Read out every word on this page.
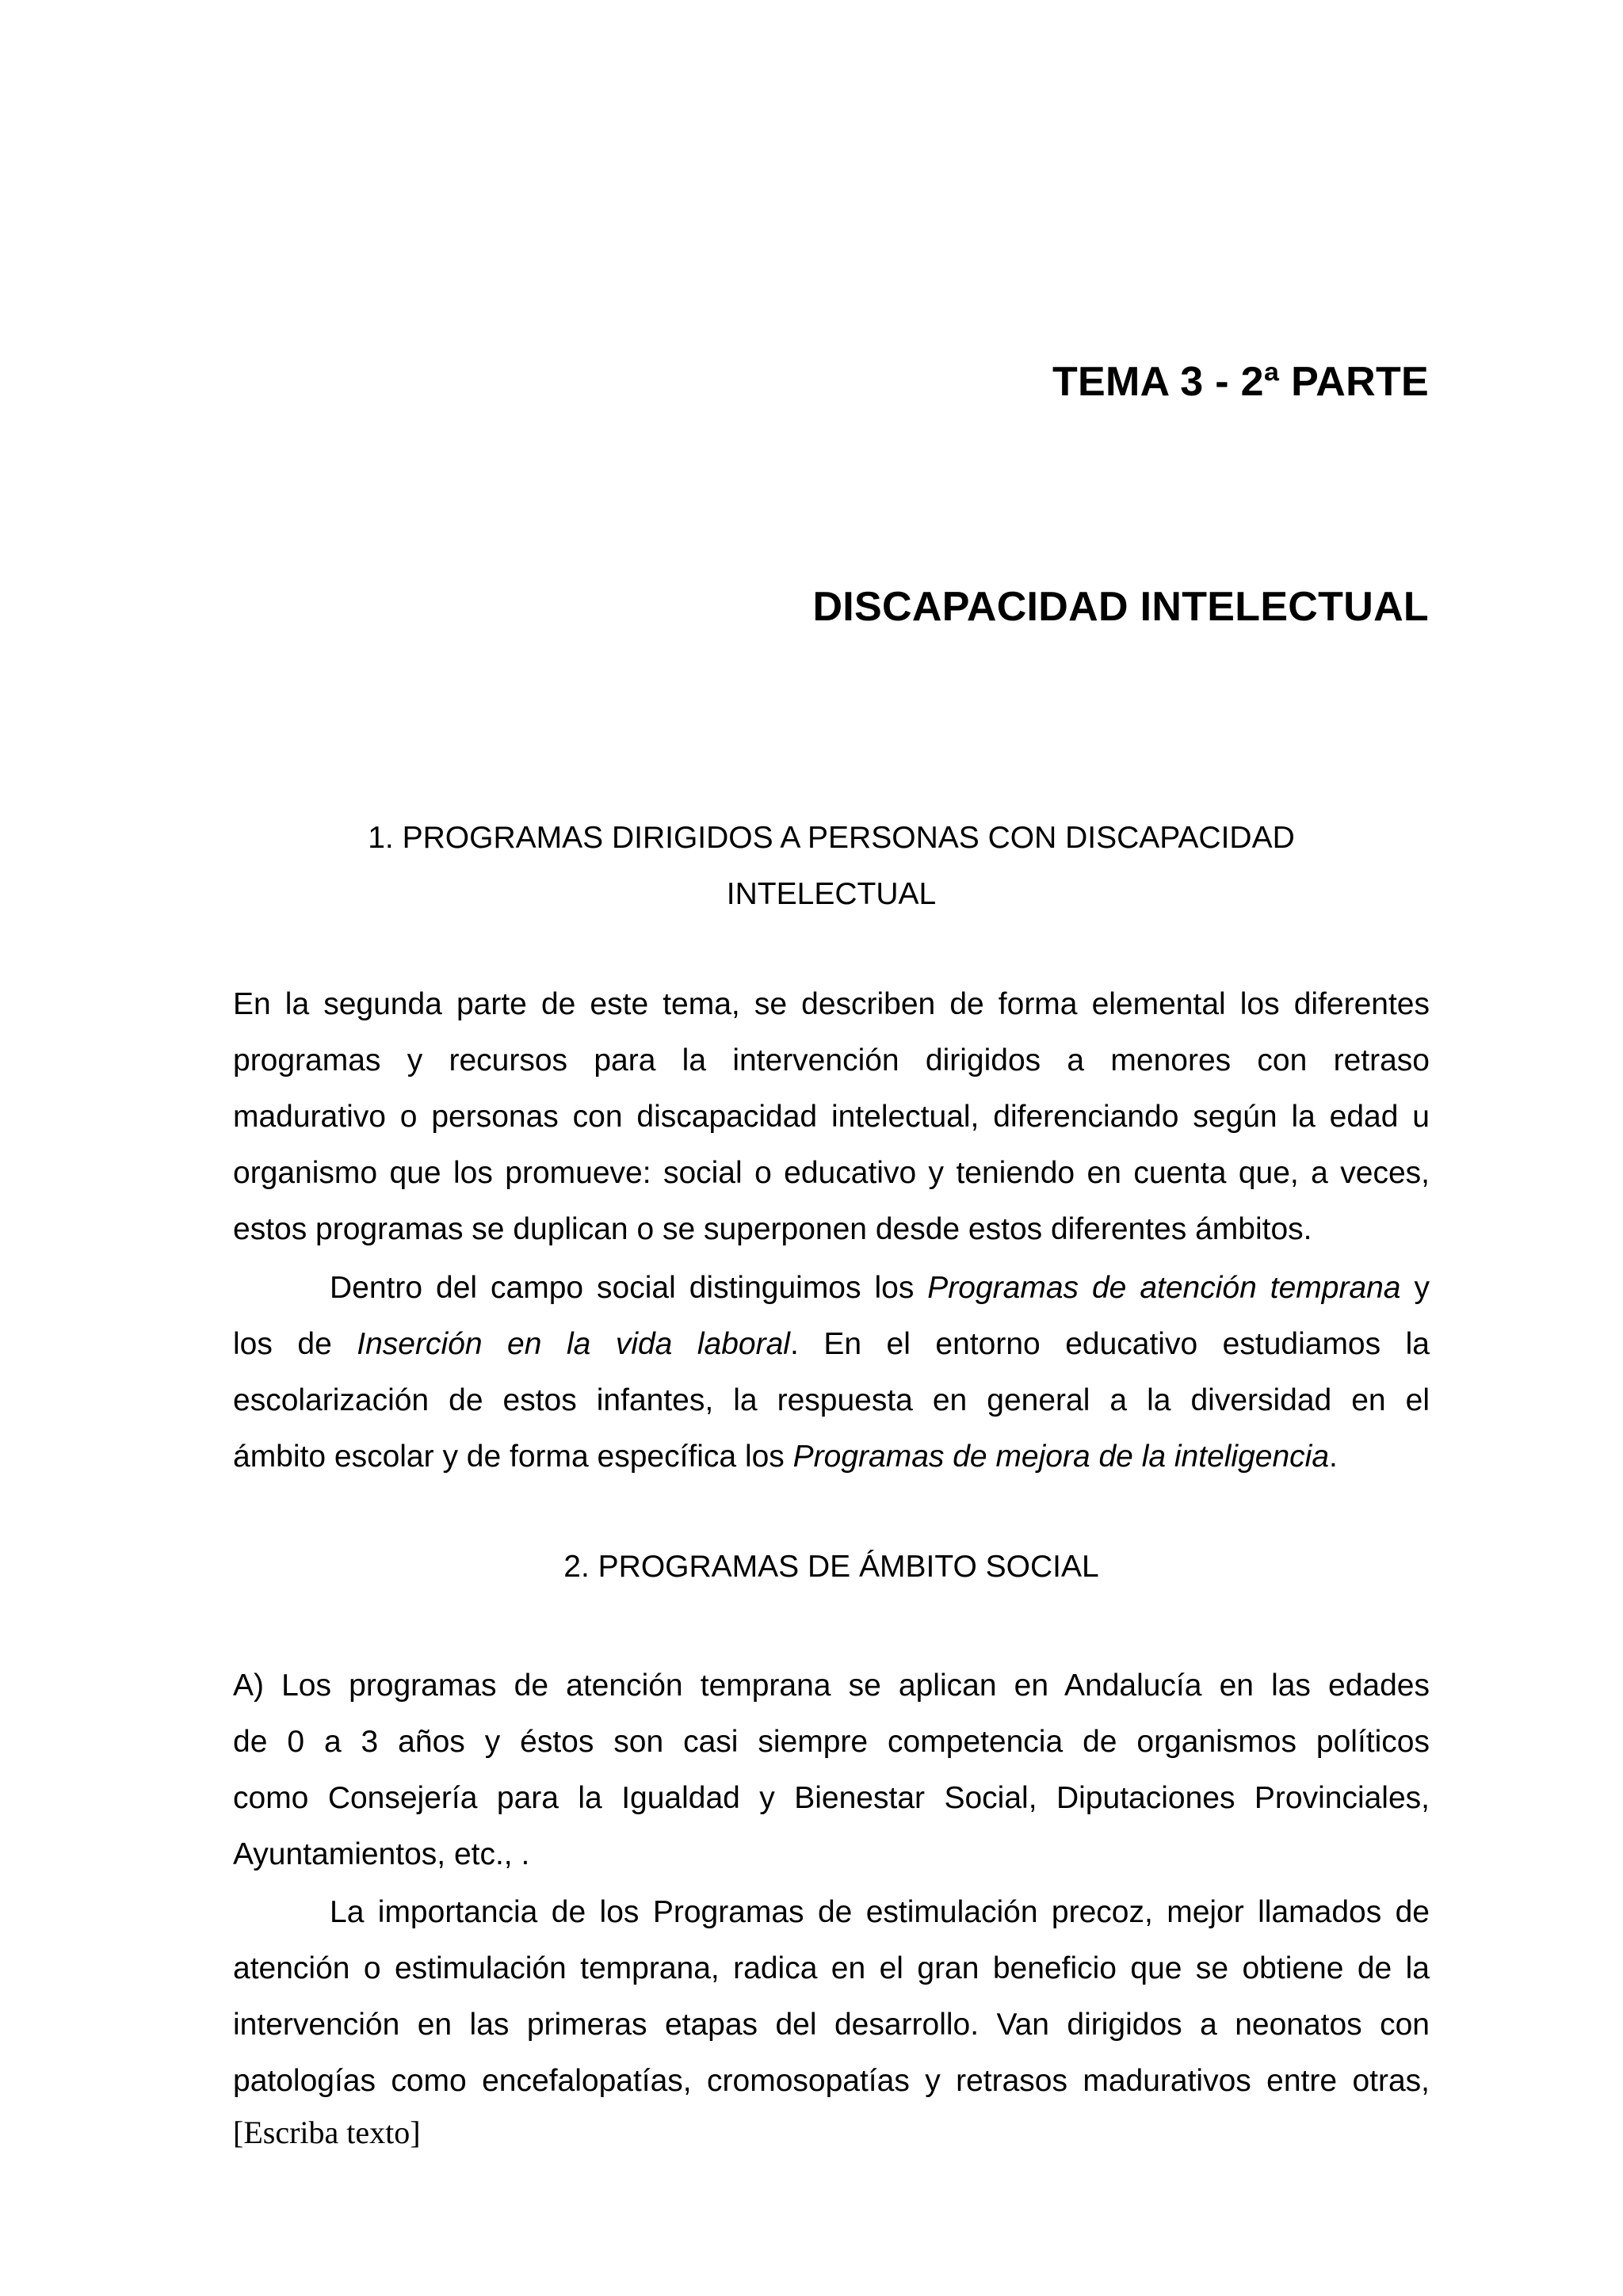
TEMA 3 - 2ª PARTE
DISCAPACIDAD INTELECTUAL
1. PROGRAMAS DIRIGIDOS A PERSONAS CON DISCAPACIDAD
INTELECTUAL
En la segunda parte de este tema, se describen de forma elemental los diferentes
programas y recursos para la intervención dirigidos a menores con retraso
madurativo o personas con discapacidad intelectual, diferenciando según la edad u
organismo que los promueve: social o educativo y teniendo en cuenta que, a veces,
estos programas se duplican o se superponen desde estos diferentes ámbitos.
Dentro del campo social distinguimos los Programas de atención temprana y
los de Inserción en la vida laboral. En el entorno educativo estudiamos la
escolarización de estos infantes, la respuesta en general a la diversidad en el
ámbito escolar y de forma específica los Programas de mejora de la inteligencia.
2. PROGRAMAS DE ÁMBITO SOCIAL
A) Los programas de atención temprana se aplican en Andalucía en las edades
de 0 a 3 años y éstos son casi siempre competencia de organismos políticos
como Consejería para la Igualdad y Bienestar Social, Diputaciones Provinciales,
Ayuntamientos, etc., .
La importancia de los Programas de estimulación precoz, mejor llamados de
atención o estimulación temprana, radica en el gran beneficio que se obtiene de la
intervención en las primeras etapas del desarrollo. Van dirigidos a neonatos con
patologías como encefalopatías, cromosopatías y retrasos madurativos entre otras,
[Escriba texto]
